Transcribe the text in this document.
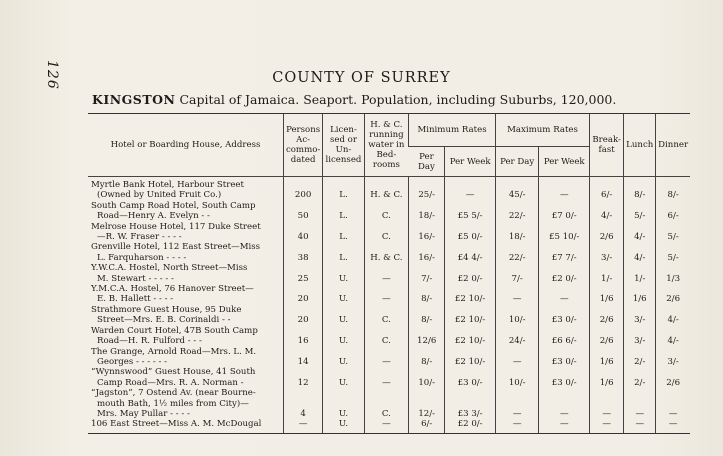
126	COUNTY OF SURREY
KINGSTON Capital of Jamaica. Seaport. Population, including Suburbs, 120,000.
Hotel or Boarding House, Address	Persons Ac-commo-dated	Licen-sed or Un-licensed	H. & C. running water in Bed-rooms	Minimum Rates		Maximum Rates		Break-fast	Lunch	Dinner
				Per Day	Per Week	Per Day	Per Week			

Myrtle Bank Hotel, Harbour Street
(Owned by United Fruit Co.)	200	L.	H. & C.	25/-	—	45/-	—	6/-	8/-	8/-

South Camp Road Hotel, South Camp
Road—Henry A. Evelyn - -	50	L.	C.	18/-	£5 5/-	22/-	£7 0/-	4/-	5/-	6/-

Melrose House Hotel, 117 Duke Street
—R. W. Fraser - - - -	40	L.	C.	16/-	£5 0/-	18/-	£5 10/-	2/6	4/-	5/-

Grenville Hotel, 112 East Street—Miss
L. Farquharson - - - -	38	L.	H. & C.	16/-	£4 4/-	22/-	£7 7/-	3/-	4/-	5/-

Y.W.C.A. Hostel, North Street—Miss
M. Stewart - - - - -	25	U.	—	7/-	£2 0/-	7/-	£2 0/-	1/-	1/-	1/3

Y.M.C.A. Hostel, 76 Hanover Street—
E. B. Hallett - - - -	20	U.	—	8/-	£2 10/-	—	—	1/6	1/6	2/6

Strathmore Guest House, 95 Duke
Street—Mrs. E. B. Corinaldi - -	20	U.	C.	8/-	£2 10/-	10/-	£3 0/-	2/6	3/-	4/-

Warden Court Hotel, 47B South Camp
Road—H. R. Fulford - - -	16	U.	C.	12/6	£2 10/-	24/-	£6 6/-	2/6	3/-	4/-

The Grange, Arnold Road—Mrs. L. M.
Georges - - - - - -	14	U.	—	8/-	£2 10/-	—	£3 0/-	1/6	2/-	3/-

“Wynnswood” Guest House, 41 South
Camp Road—Mrs. R. A. Norman -	12	U.	—	10/-	£3 0/-	10/-	£3 0/-	1/6	2/-	2/6

“Jagston”, 7 Ostend Av. (near Bourne-
mouth Bath, 1½ miles from City)—
Mrs. May Pullar - - - -	4	U.	C.	12/-	£3 3/-	—	—	—	—	—

106 East Street—Miss A. M. McDougal	—	U.	—	6/-	£2 0/-	—	—	—	—	—
